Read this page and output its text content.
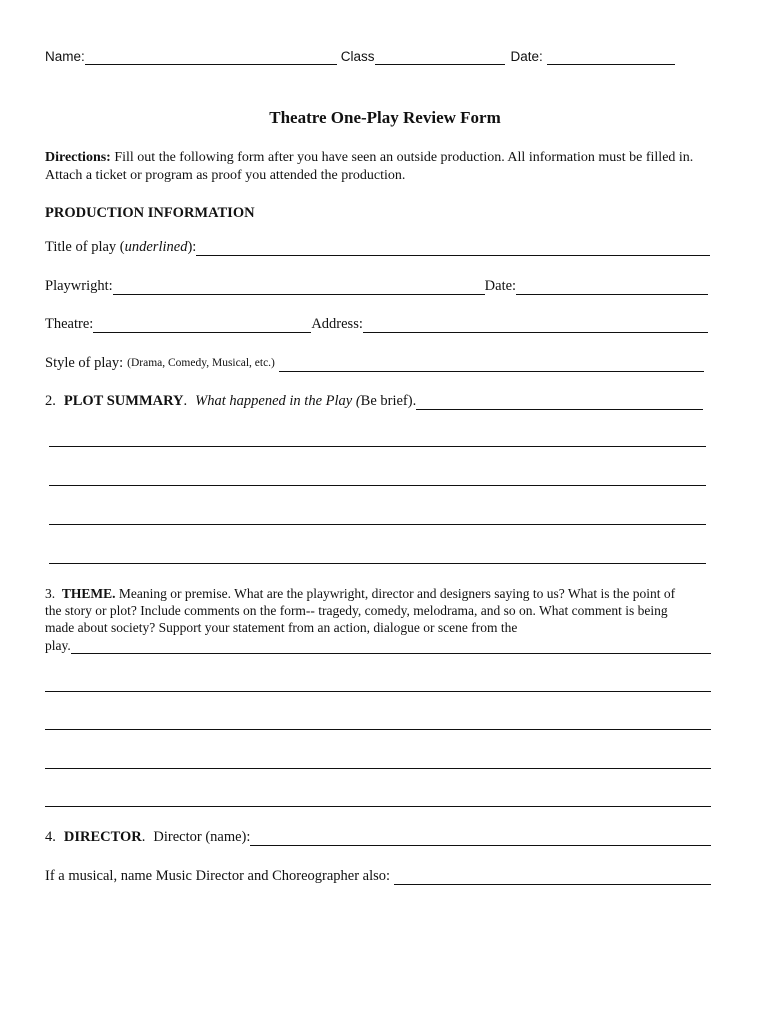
Name:	Class	Date:
Theatre One-Play Review Form
Directions: Fill out the following form after you have seen an outside production. All information must be filled in. Attach a ticket or program as proof you attended the production.
PRODUCTION INFORMATION
Title of play ( underlined ):
Playwright:	Date:
Theatre:	Address:
Style of play: (Drama, Comedy, Musical, etc.)
2. PLOT SUMMARY . What happened in the Play ( Be brief).
3. THEME. Meaning or premise. What are the playwright, director and designers saying to us? What is the point of
the story or plot? Include comments on the form-- tragedy, comedy, melodrama, and so on. What comment is being
made about society? Support your statement from an action, dialogue or scene from the
play.
4. DIRECTOR . Director (name):
If a musical, name Music Director and Choreographer also:
